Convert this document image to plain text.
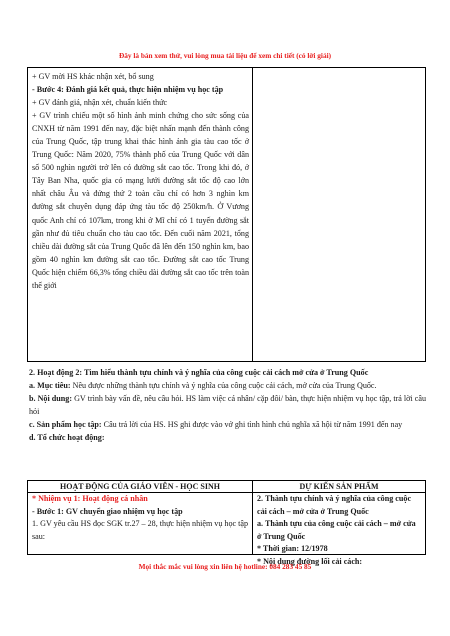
Đây là bản xem thử, vui lòng mua tài liệu để xem chi tiết (có lời giải)

+ GV mời HS khác nhận xét, bổ sung

- Bước 4: Đánh giá kết quả, thực hiện nhiệm vụ học tập

+ GV đánh giá, nhận xét, chuẩn kiến thức

+ GV trình chiếu một số hình ảnh minh chứng cho sức sống của CNXH từ năm 1991 đến nay, đặc biệt nhấn mạnh đến thành công của Trung Quốc, tập trung khai thác hình ảnh gia tàu cao tốc ở Trung Quốc: Năm 2020, 75% thành phố của Trung Quốc với dân số 500 nghìn người trở lên có đường sắt cao tốc. Trong khi đó, ở Tây Ban Nha, quốc gia có mạng lưới đường sắt tốc độ cao lớn nhất châu Âu và đứng thứ 2 toàn cầu chỉ có hơn 3 nghìn km đường sắt chuyên dụng đáp ứng tàu tốc độ 250km/h. Ở Vương quốc Anh chỉ có 107km, trong khi ở Mĩ chỉ có 1 tuyến đường sắt gần như đủ tiêu chuẩn cho tàu cao tốc. Đến cuối năm 2021, tổng chiều dài đường sắt của Trung Quốc đã lên đến 150 nghìn km, bao gồm 40 nghìn km đường sắt cao tốc. Đường sắt cao tốc Trung Quốc hiện chiếm 66,3% tổng chiều dài đường sắt cao tốc trên toàn thế giới

2. Hoạt động 2: Tìm hiểu thành tựu chính và ý nghĩa của công cuộc cải cách mở cửa ở Trung Quốc

a. Mục tiêu: Nêu được những thành tựu chính và ý nghĩa của công cuộc cải cách, mở cửa của Trung Quốc.

b. Nội dung: GV trình bày vấn đề, nêu câu hỏi. HS làm việc cá nhân/ cặp đôi/ bàn, thực hiện nhiệm vụ học tập, trả lời câu hỏi

c. Sản phẩm học tập: Câu trả lời của HS. HS ghi được vào vở ghi tình hình chủ nghĩa xã hội từ năm 1991 đến nay

d. Tổ chức hoạt động:

HOẠT ĐỘNG CỦA GIÁO VIÊN - HỌC SINH	DỰ KIẾN SẢN PHẨM

* Nhiệm vụ 1: Hoạt động cá nhân

- Bước 1: GV chuyển giao nhiệm vụ học tập

1. GV yêu cầu HS đọc SGK tr.27 – 28, thực hiện nhiệm vụ học tập sau:

2. Thành tựu chính và ý nghĩa của công cuộc cải cách – mở cửa ở Trung Quốc

a. Thành tựu của công cuộc cải cách – mở cửa ở Trung Quốc

* Thời gian: 12/1978

* Nội dung đường lối cải cách:

Mọi thắc mắc vui lòng xin liên hệ hotline: 084 283 45 85
